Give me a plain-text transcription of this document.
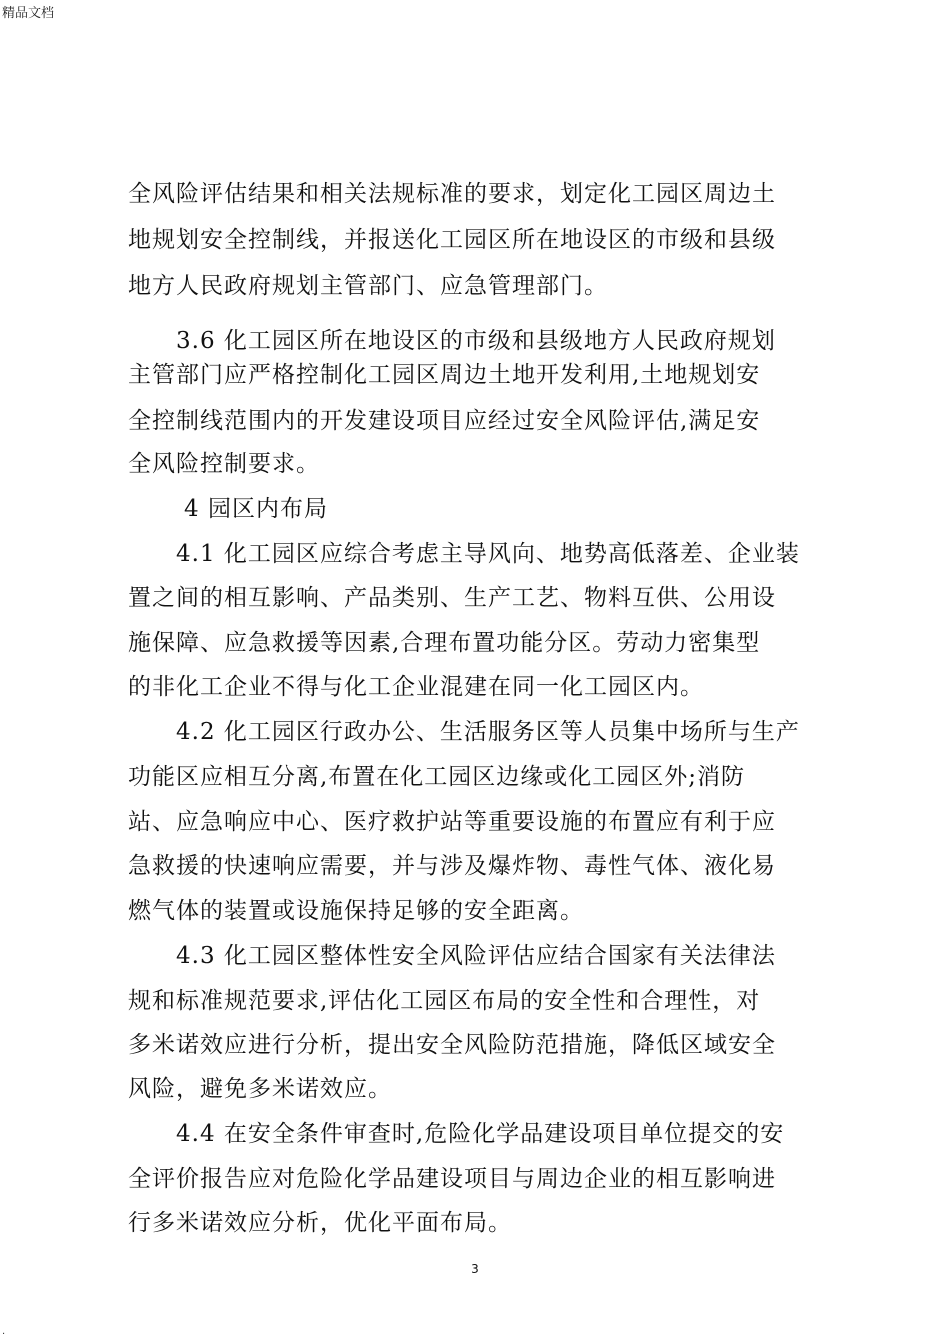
精品文档
全风险评估结果和相关法规标准的要求，划定化工园区周边土
地规划安全控制线，并报送化工园区所在地设区的市级和县级
地方人民政府规划主管部门、应急管理部门。
3.6 化工园区所在地设区的市级和县级地方人民政府规划
主管部门应严格控制化工园区周边土地开发利用,土地规划安
全控制线范围内的开发建设项目应经过安全风险评估,满足安
全风险控制要求。
4 园区内布局
4.1 化工园区应综合考虑主导风向、地势高低落差、企业装
置之间的相互影响、产品类别、生产工艺、物料互供、公用设
施保障、应急救援等因素,合理布置功能分区。劳动力密集型
的非化工企业不得与化工企业混建在同一化工园区内。
4.2 化工园区行政办公、生活服务区等人员集中场所与生产
功能区应相互分离,布置在化工园区边缘或化工园区外;消防
站、应急响应中心、医疗救护站等重要设施的布置应有利于应
急救援的快速响应需要，并与涉及爆炸物、毒性气体、液化易
燃气体的装置或设施保持足够的安全距离。
4.3 化工园区整体性安全风险评估应结合国家有关法律法
规和标准规范要求,评估化工园区布局的安全性和合理性，对
多米诺效应进行分析，提出安全风险防范措施，降低区域安全
风险，避免多米诺效应。
4.4 在安全条件审查时,危险化学品建设项目单位提交的安
全评价报告应对危险化学品建设项目与周边企业的相互影响进
行多米诺效应分析，优化平面布局。
3
.
